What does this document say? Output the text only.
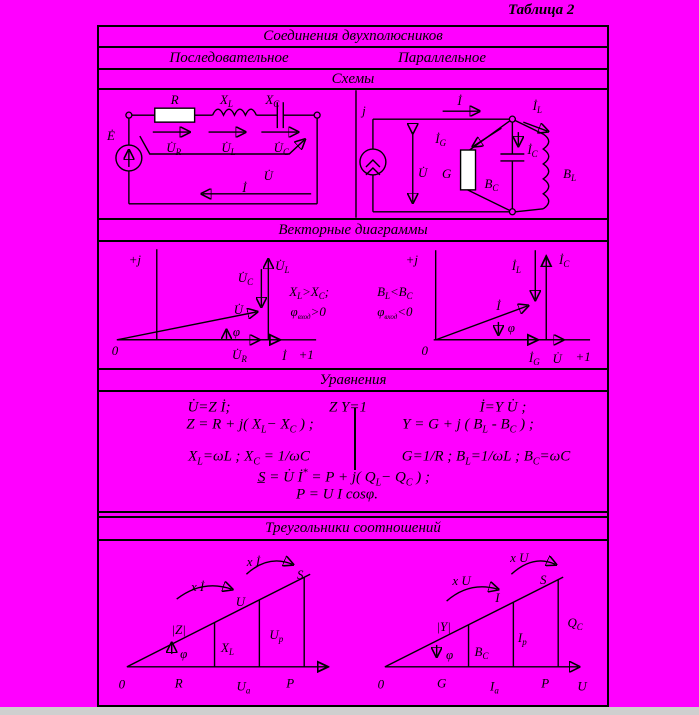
Таблица 2
Соединения двухполюсников
Последовательное	Параллельное
Схемы
R	$X_L$ $X_C$
Ė
$U̇_R$	$U̇_L$	$U̇_C$
U̇
İ
j
İ
$İ_G$
$İ_L$
$İ_C$
U̇ G
$B_C$
$B_L$
Векторные диаграммы
+j
0
$U̇_C$
$U̇_L$
U̇
φ
$U̇_R$	İ +1
$X_L>X_C$;
$\varphi_{вход}>0$
$B_L<B_C$
$\varphi_{вход}<0$
+j
0
$İ_L$
$İ_C$
İ
φ
$İ_G$ U̇ +1
Уравнения
U̇=Z İ;	Z Y=1	İ=Y U̇ ;
Z = R + j( $X_L- X_C$ ) ;	Y = G + j ( $B_L - B_C$ ) ;
$X_L=\omega L$ ; $X_C = 1/\omega C$	G=1/R ; $B_L=1/\omega L$ ; $B_C=\omega C$
S̲ = U̇ İ* = P + j( $Q_L- Q_C$ ) ;
P = U I cosφ.
Треугольники соотношений
0	R	$U_a$	P
|Z|
$X_L$
U
$U_p$
S
x İ
x İ
φ
0	G	$I_a$	P U
|Y|
$B_C$
I
$I_p$
S
x U
x U
$Q_C$
φ
